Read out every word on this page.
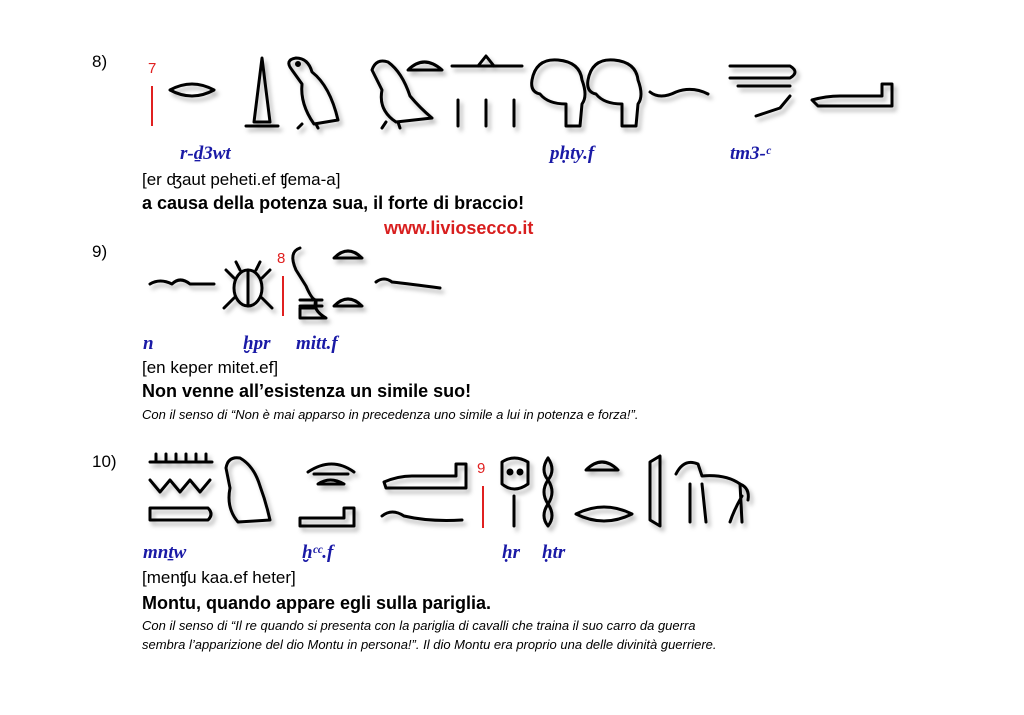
8)	7
r-ḏ3wt	pḥty.f	tm3-ᶜ
[er ʤaut peheti.ef ʧema-a]
a causa della potenza sua, il forte di braccio!
www.liviosecco.it
9)	8
n	ḫpr mitt.f
[en keper mitet.ef]
Non venne all’esistenza un simile suo!
Con il senso di “Non è mai apparso in precedenza uno simile a lui in potenza e forza!”.
10)	9
mnṯw	ḫᶜᶜ.f	ḥr ḥtr
[menʧu kaa.ef heter]
Montu, quando appare egli sulla pariglia.
Con il senso di “Il re quando si presenta con la pariglia di cavalli che traina il suo carro da guerra
sembra l’apparizione del dio Montu in persona!”. Il dio Montu era proprio una delle divinità guerriere.
